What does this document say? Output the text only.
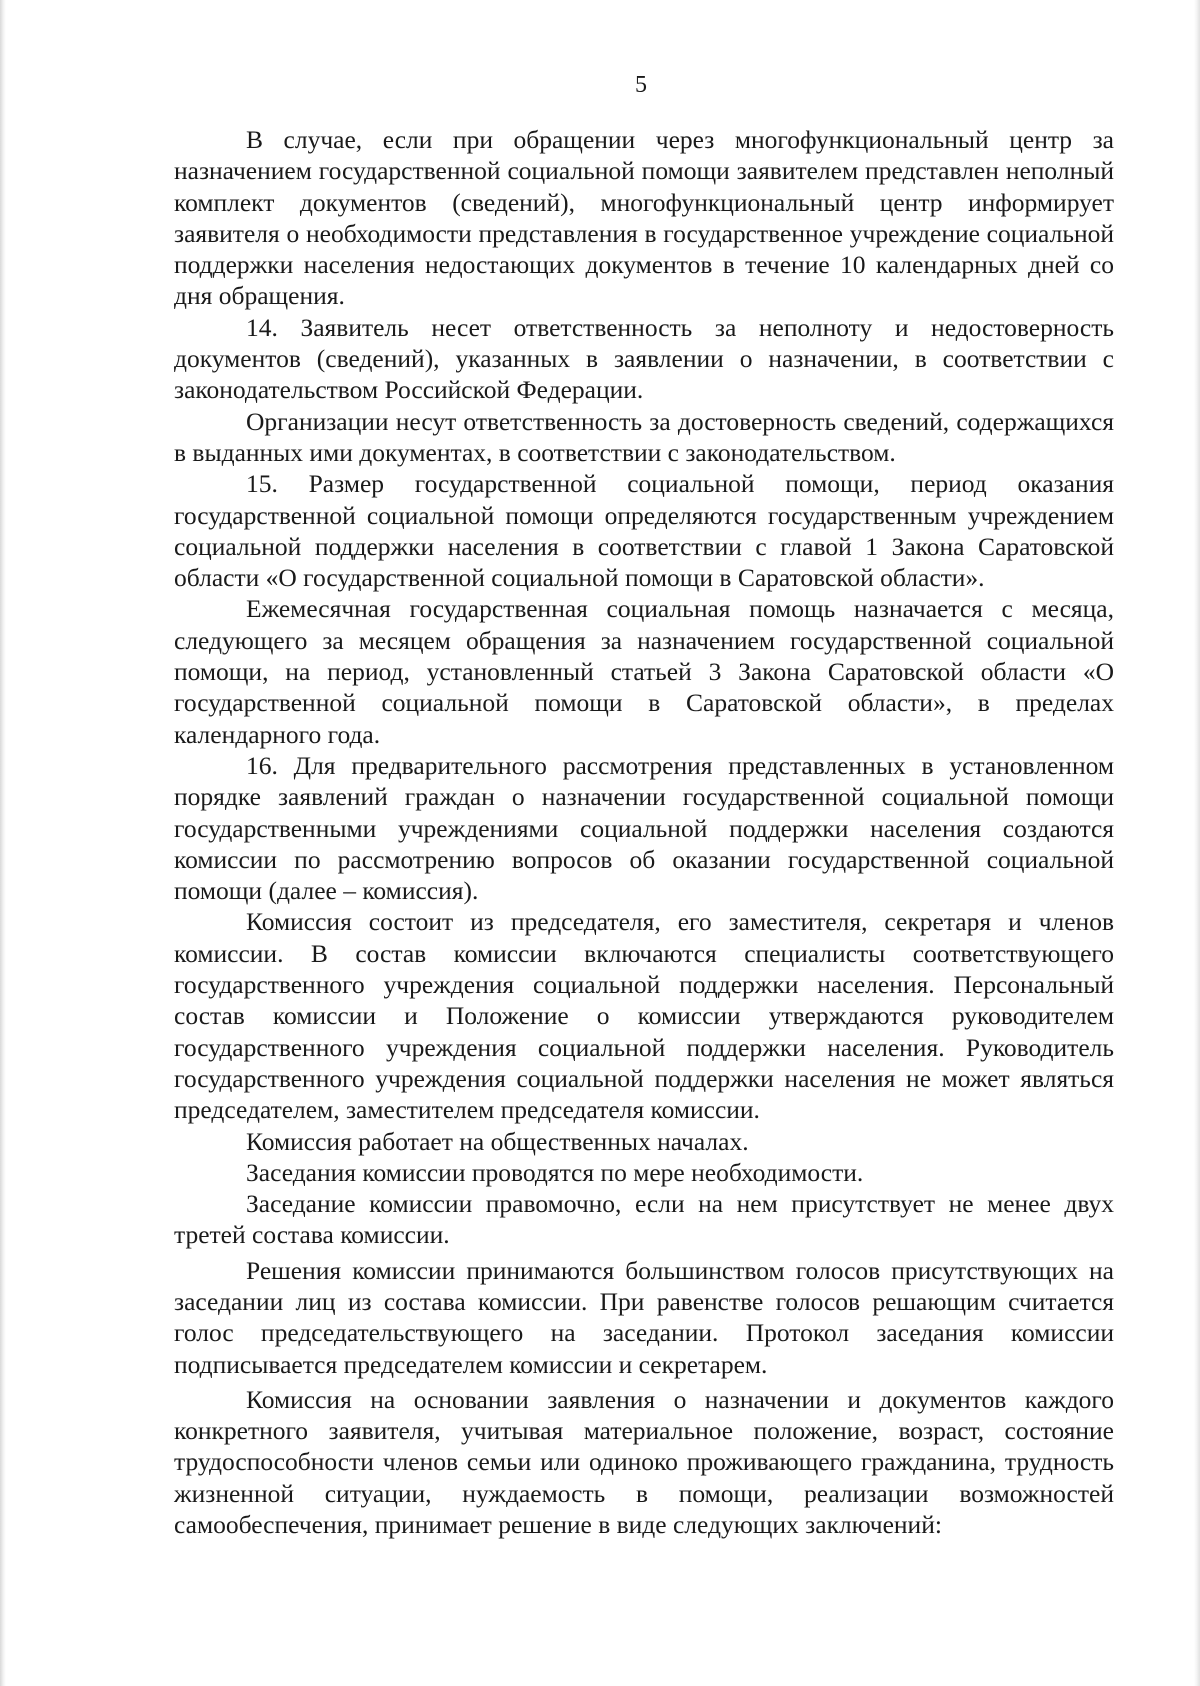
5

В случае, если при обращении через многофункциональный центр за назначением государственной социальной помощи заявителем представлен неполный комплект документов (сведений), многофункциональный центр информирует заявителя о необходимости представления в государственное учреждение социальной поддержки населения недостающих документов в течение 10 календарных дней со дня обращения.

14. Заявитель несет ответственность за неполноту и недостоверность документов (сведений), указанных в заявлении о назначении, в соответствии с законодательством Российской Федерации.

Организации несут ответственность за достоверность сведений, содержащихся в выданных ими документах, в соответствии с законодательством.

15. Размер государственной социальной помощи, период оказания государственной социальной помощи определяются государственным учреждением социальной поддержки населения в соответствии с главой 1 Закона Саратовской области «О государственной социальной помощи в Саратовской области».

Ежемесячная государственная социальная помощь назначается с месяца, следующего за месяцем обращения за назначением государственной социальной помощи, на период, установленный статьей 3 Закона Саратовской области «О государственной социальной помощи в Саратовской области», в пределах календарного года.

16. Для предварительного рассмотрения представленных в установленном порядке заявлений граждан о назначении государственной социальной помощи государственными учреждениями социальной поддержки населения создаются комиссии по рассмотрению вопросов об оказании государственной социальной помощи (далее – комиссия).

Комиссия состоит из председателя, его заместителя, секретаря и членов комиссии. В состав комиссии включаются специалисты соответствующего государственного учреждения социальной поддержки населения. Персональный состав комиссии и Положение о комиссии утверждаются руководителем государственного учреждения социальной поддержки населения. Руководитель государственного учреждения социальной поддержки населения не может являться председателем, заместителем председателя комиссии.

Комиссия работает на общественных началах.

Заседания комиссии проводятся по мере необходимости.

Заседание комиссии правомочно, если на нем присутствует не менее двух третей состава комиссии.

Решения комиссии принимаются большинством голосов присутствующих на заседании лиц из состава комиссии. При равенстве голосов решающим считается голос председательствующего на заседании. Протокол заседания комиссии подписывается председателем комиссии и секретарем.

Комиссия на основании заявления о назначении и документов каждого конкретного заявителя, учитывая материальное положение, возраст, состояние трудоспособности членов семьи или одиноко проживающего гражданина, трудность жизненной ситуации, нуждаемость в помощи, реализации возможностей самообеспечения, принимает решение в виде следующих заключений:
